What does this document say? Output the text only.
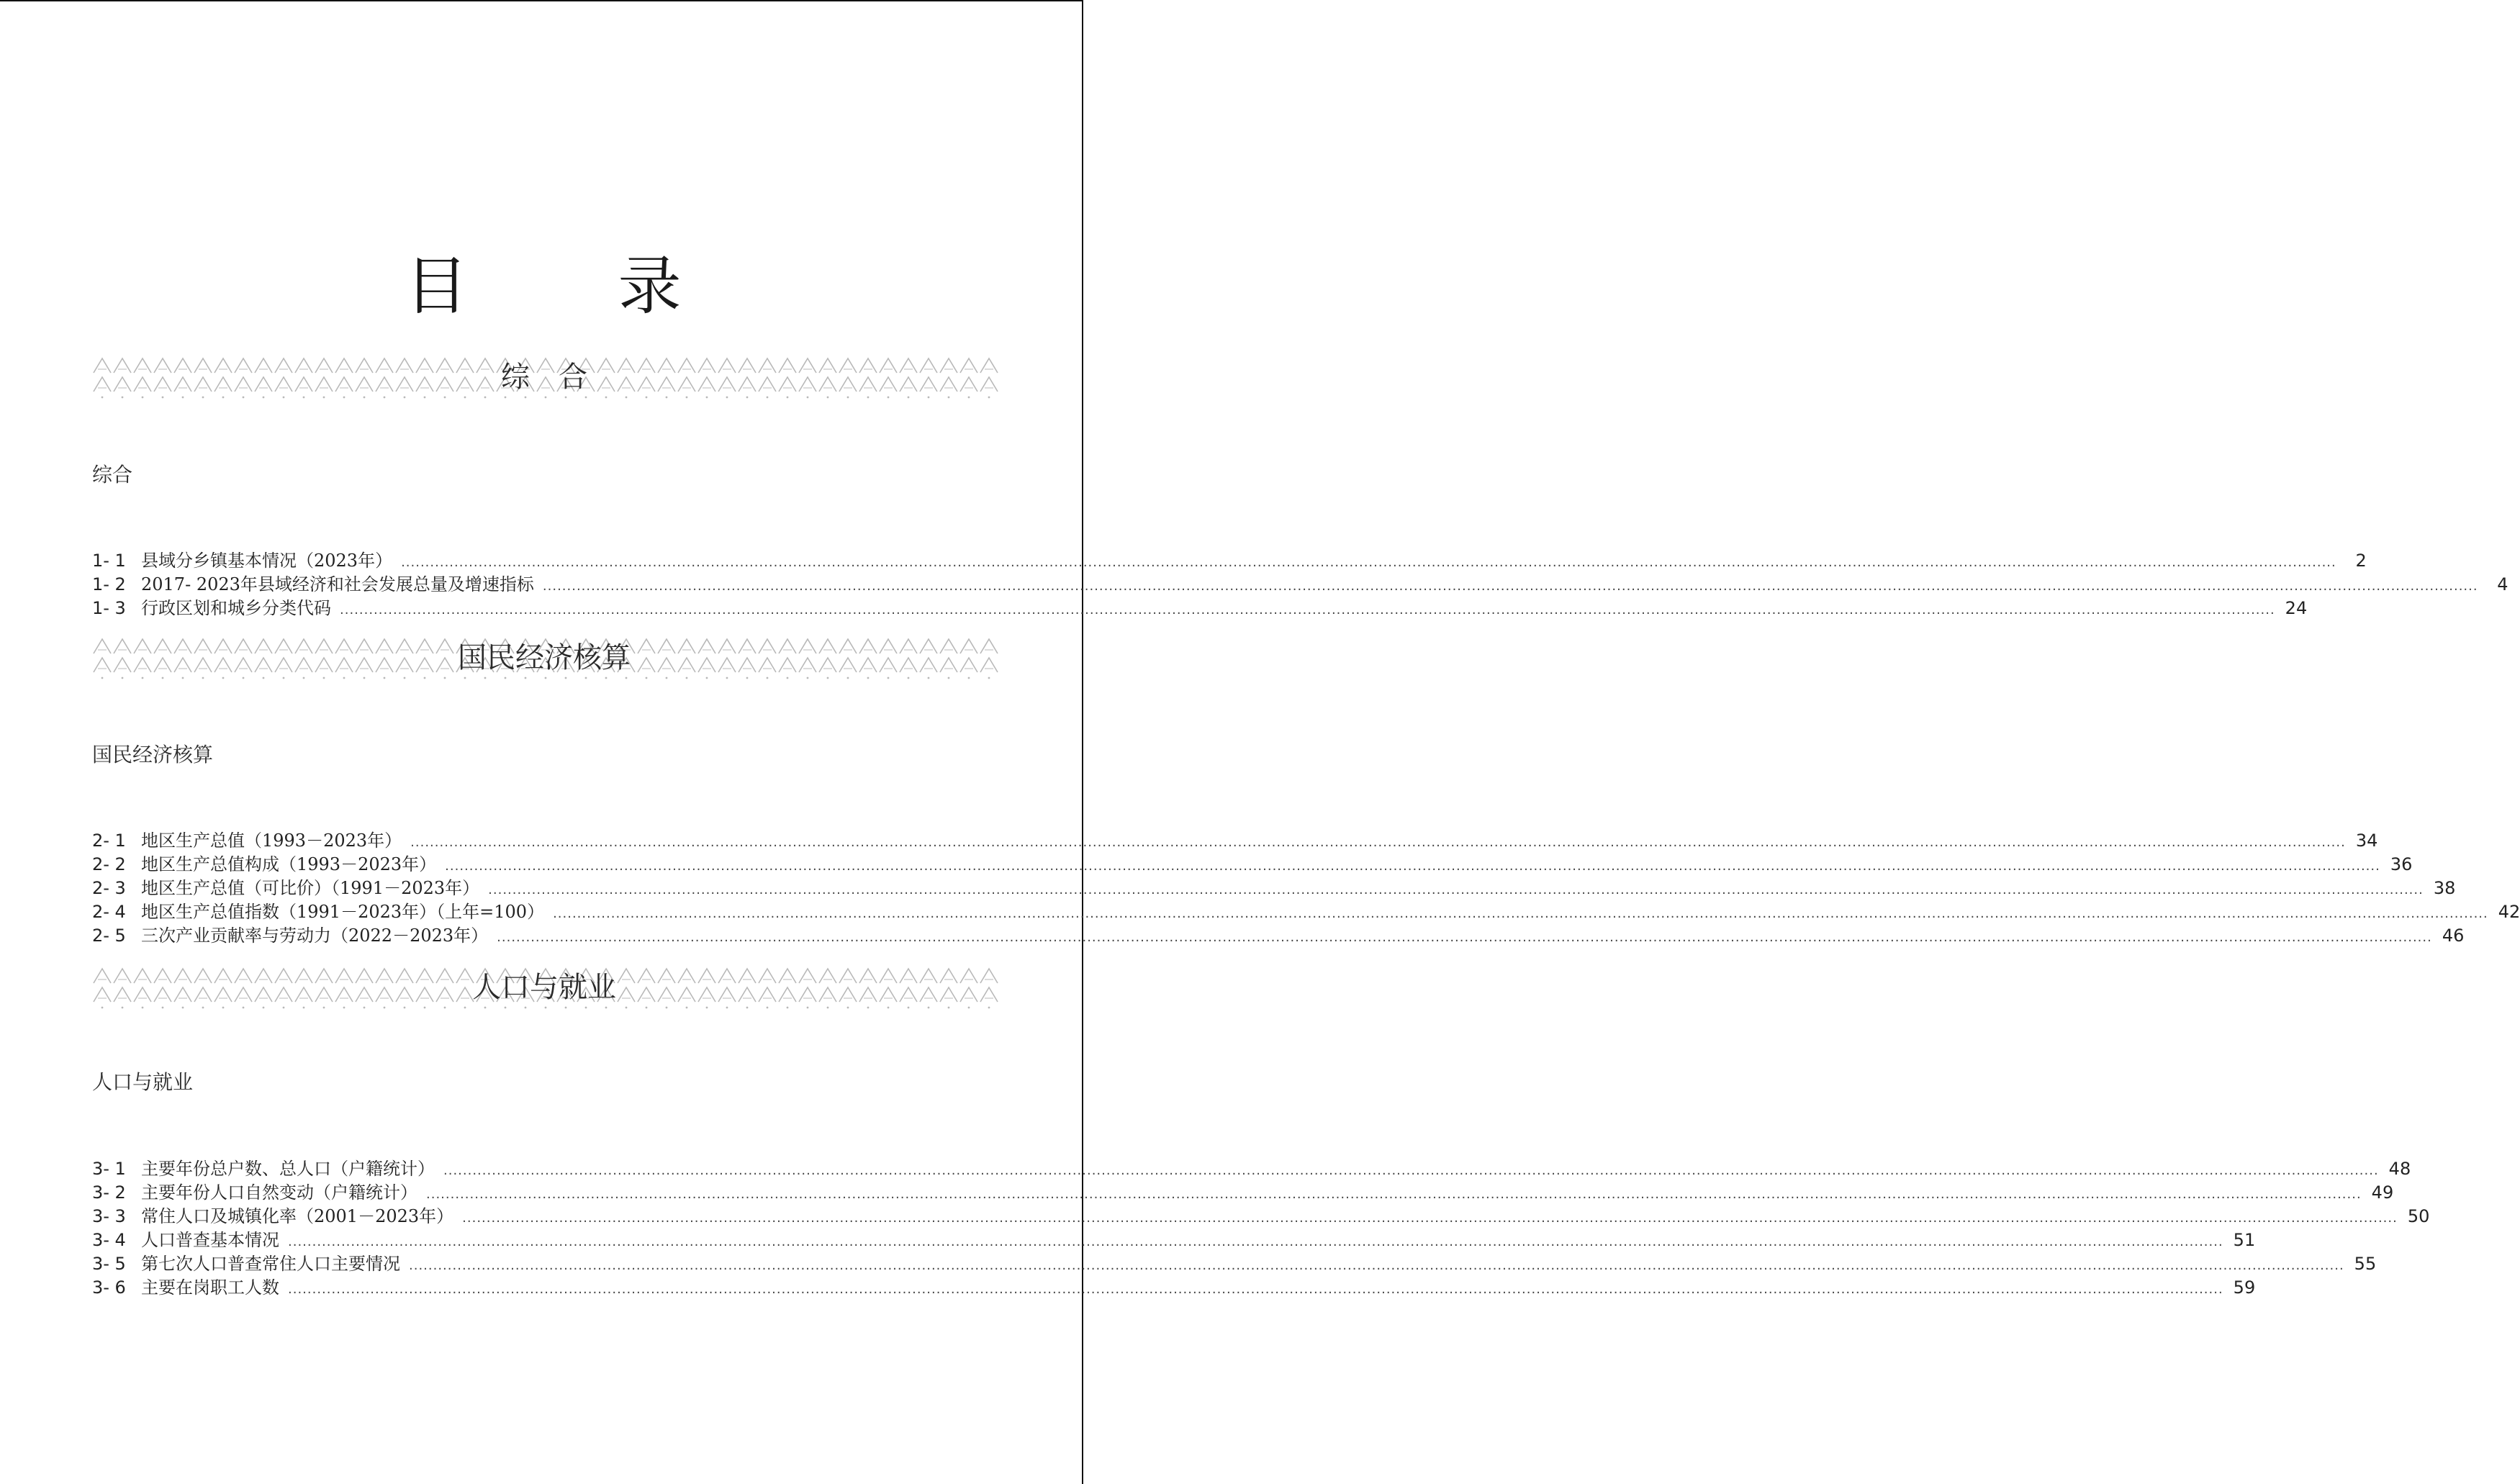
目　录
综　合
综合
1- 1 县域分乡镇基本情况（2023年） ................................................................................................................................................................................................................................................................................................................................................................................................................	2
1- 2 2017- 2023年县域经济和社会发展总量及增速指标 ................................................................................................................................................................................................................................................................................................................................................................................................................	4
1- 3 行政区划和城乡分类代码 ................................................................................................................................................................................................................................................................................................................................................................................................................ 24
国民经济核算
国民经济核算
2- 1 地区生产总值（1993－2023年） ................................................................................................................................................................................................................................................................................................................................................................................................................ 34
2- 2 地区生产总值构成（1993－2023年） ................................................................................................................................................................................................................................................................................................................................................................................................................ 36
2- 3 地区生产总值（可比价）（1991－2023年） ................................................................................................................................................................................................................................................................................................................................................................................................................ 38
2- 4 地区生产总值指数（1991－2023年）（上年=100） ................................................................................................................................................................................................................................................................................................................................................................................................................ 42
2- 5 三次产业贡献率与劳动力（2022－2023年） ................................................................................................................................................................................................................................................................................................................................................................................................................ 46
人口与就业
人口与就业
3- 1 主要年份总户数、总人口（户籍统计） ................................................................................................................................................................................................................................................................................................................................................................................................................ 48
3- 2 主要年份人口自然变动（户籍统计） ................................................................................................................................................................................................................................................................................................................................................................................................................ 49
3- 3 常住人口及城镇化率（2001－2023年） ................................................................................................................................................................................................................................................................................................................................................................................................................ 50
3- 4 人口普查基本情况 ................................................................................................................................................................................................................................................................................................................................................................................................................ 51
3- 5 第七次人口普查常住人口主要情况 ................................................................................................................................................................................................................................................................................................................................................................................................................ 55
3- 6 主要在岗职工人数 ................................................................................................................................................................................................................................................................................................................................................................................................................ 59
